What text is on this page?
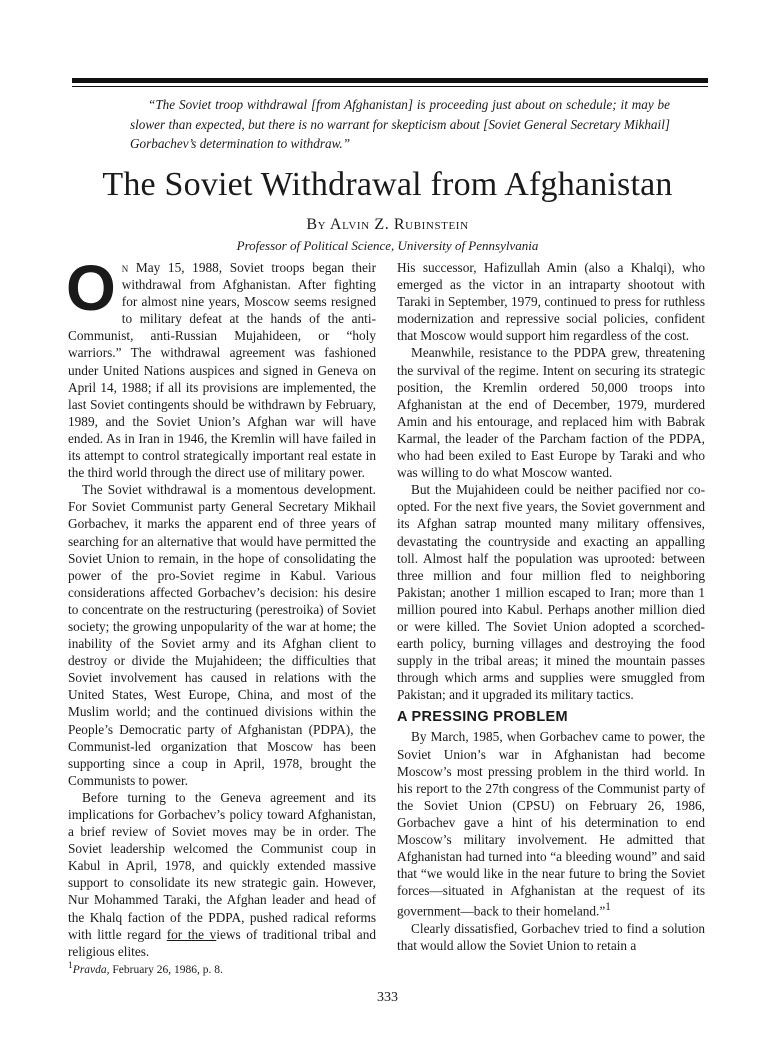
“The Soviet troop withdrawal [from Afghanistan] is proceeding just about on schedule; it may be slower than expected, but there is no warrant for skepticism about [Soviet General Secretary Mikhail] Gorbachev’s determination to withdraw.”
The Soviet Withdrawal from Afghanistan
By Alvin Z. Rubinstein
Professor of Political Science, University of Pennsylvania

On May 15, 1988, Soviet troops began their withdrawal from Afghanistan. After fighting for almost nine years, Moscow seems resigned to military defeat at the hands of the anti-Communist, anti-Russian Mujahideen, or “holy warriors.” The withdrawal agreement was fashioned under United Nations auspices and signed in Geneva on April 14, 1988; if all its provisions are implemented, the last Soviet contingents should be withdrawn by February, 1989, and the Soviet Union’s Afghan war will have ended. As in Iran in 1946, the Kremlin will have failed in its attempt to control strategically important real estate in the third world through the direct use of military power.

The Soviet withdrawal is a momentous development. For Soviet Communist party General Secretary Mikhail Gorbachev, it marks the apparent end of three years of searching for an alternative that would have permitted the Soviet Union to remain, in the hope of consolidating the power of the pro-Soviet regime in Kabul. Various considerations affected Gorbachev’s decision: his desire to concentrate on the restructuring (perestroika) of Soviet society; the growing unpopularity of the war at home; the inability of the Soviet army and its Afghan client to destroy or divide the Mujahideen; the difficulties that Soviet involvement has caused in relations with the United States, West Europe, China, and most of the Muslim world; and the continued divisions within the People’s Democratic party of Afghanistan (PDPA), the Communist-led organization that Moscow has been supporting since a coup in April, 1978, brought the Communists to power.

Before turning to the Geneva agreement and its implications for Gorbachev’s policy toward Afghanistan, a brief review of Soviet moves may be in order. The Soviet leadership welcomed the Communist coup in Kabul in April, 1978, and quickly extended massive support to consolidate its new strategic gain. However, Nur Mohammed Taraki, the Afghan leader and head of the Khalq faction of the PDPA, pushed radical reforms with little regard for the views of traditional tribal and religious elites.

$^1$Pravda, February 26, 1986, p. 8.

His successor, Hafizullah Amin (also a Khalqi), who emerged as the victor in an intraparty shootout with Taraki in September, 1979, continued to press for ruthless modernization and repressive social policies, confident that Moscow would support him regardless of the cost.

Meanwhile, resistance to the PDPA grew, threatening the survival of the regime. Intent on securing its strategic position, the Kremlin ordered 50,000 troops into Afghanistan at the end of December, 1979, murdered Amin and his entourage, and replaced him with Babrak Karmal, the leader of the Parcham faction of the PDPA, who had been exiled to East Europe by Taraki and who was willing to do what Moscow wanted.

But the Mujahideen could be neither pacified nor co-opted. For the next five years, the Soviet government and its Afghan satrap mounted many military offensives, devastating the countryside and exacting an appalling toll. Almost half the population was uprooted: between three million and four million fled to neighboring Pakistan; another 1 million escaped to Iran; more than 1 million poured into Kabul. Perhaps another million died or were killed. The Soviet Union adopted a scorched-earth policy, burning villages and destroying the food supply in the tribal areas; it mined the mountain passes through which arms and supplies were smuggled from Pakistan; and it upgraded its military tactics.

A PRESSING PROBLEM

By March, 1985, when Gorbachev came to power, the Soviet Union’s war in Afghanistan had become Moscow’s most pressing problem in the third world. In his report to the 27th congress of the Communist party of the Soviet Union (CPSU) on February 26, 1986, Gorbachev gave a hint of his determination to end Moscow’s military involvement. He admitted that Afghanistan had turned into “a bleeding wound” and said that “we would like in the near future to bring the Soviet forces—situated in Afghanistan at the request of its government—back to their homeland.”$^1$

Clearly dissatisfied, Gorbachev tried to find a solution that would allow the Soviet Union to retain a

333
